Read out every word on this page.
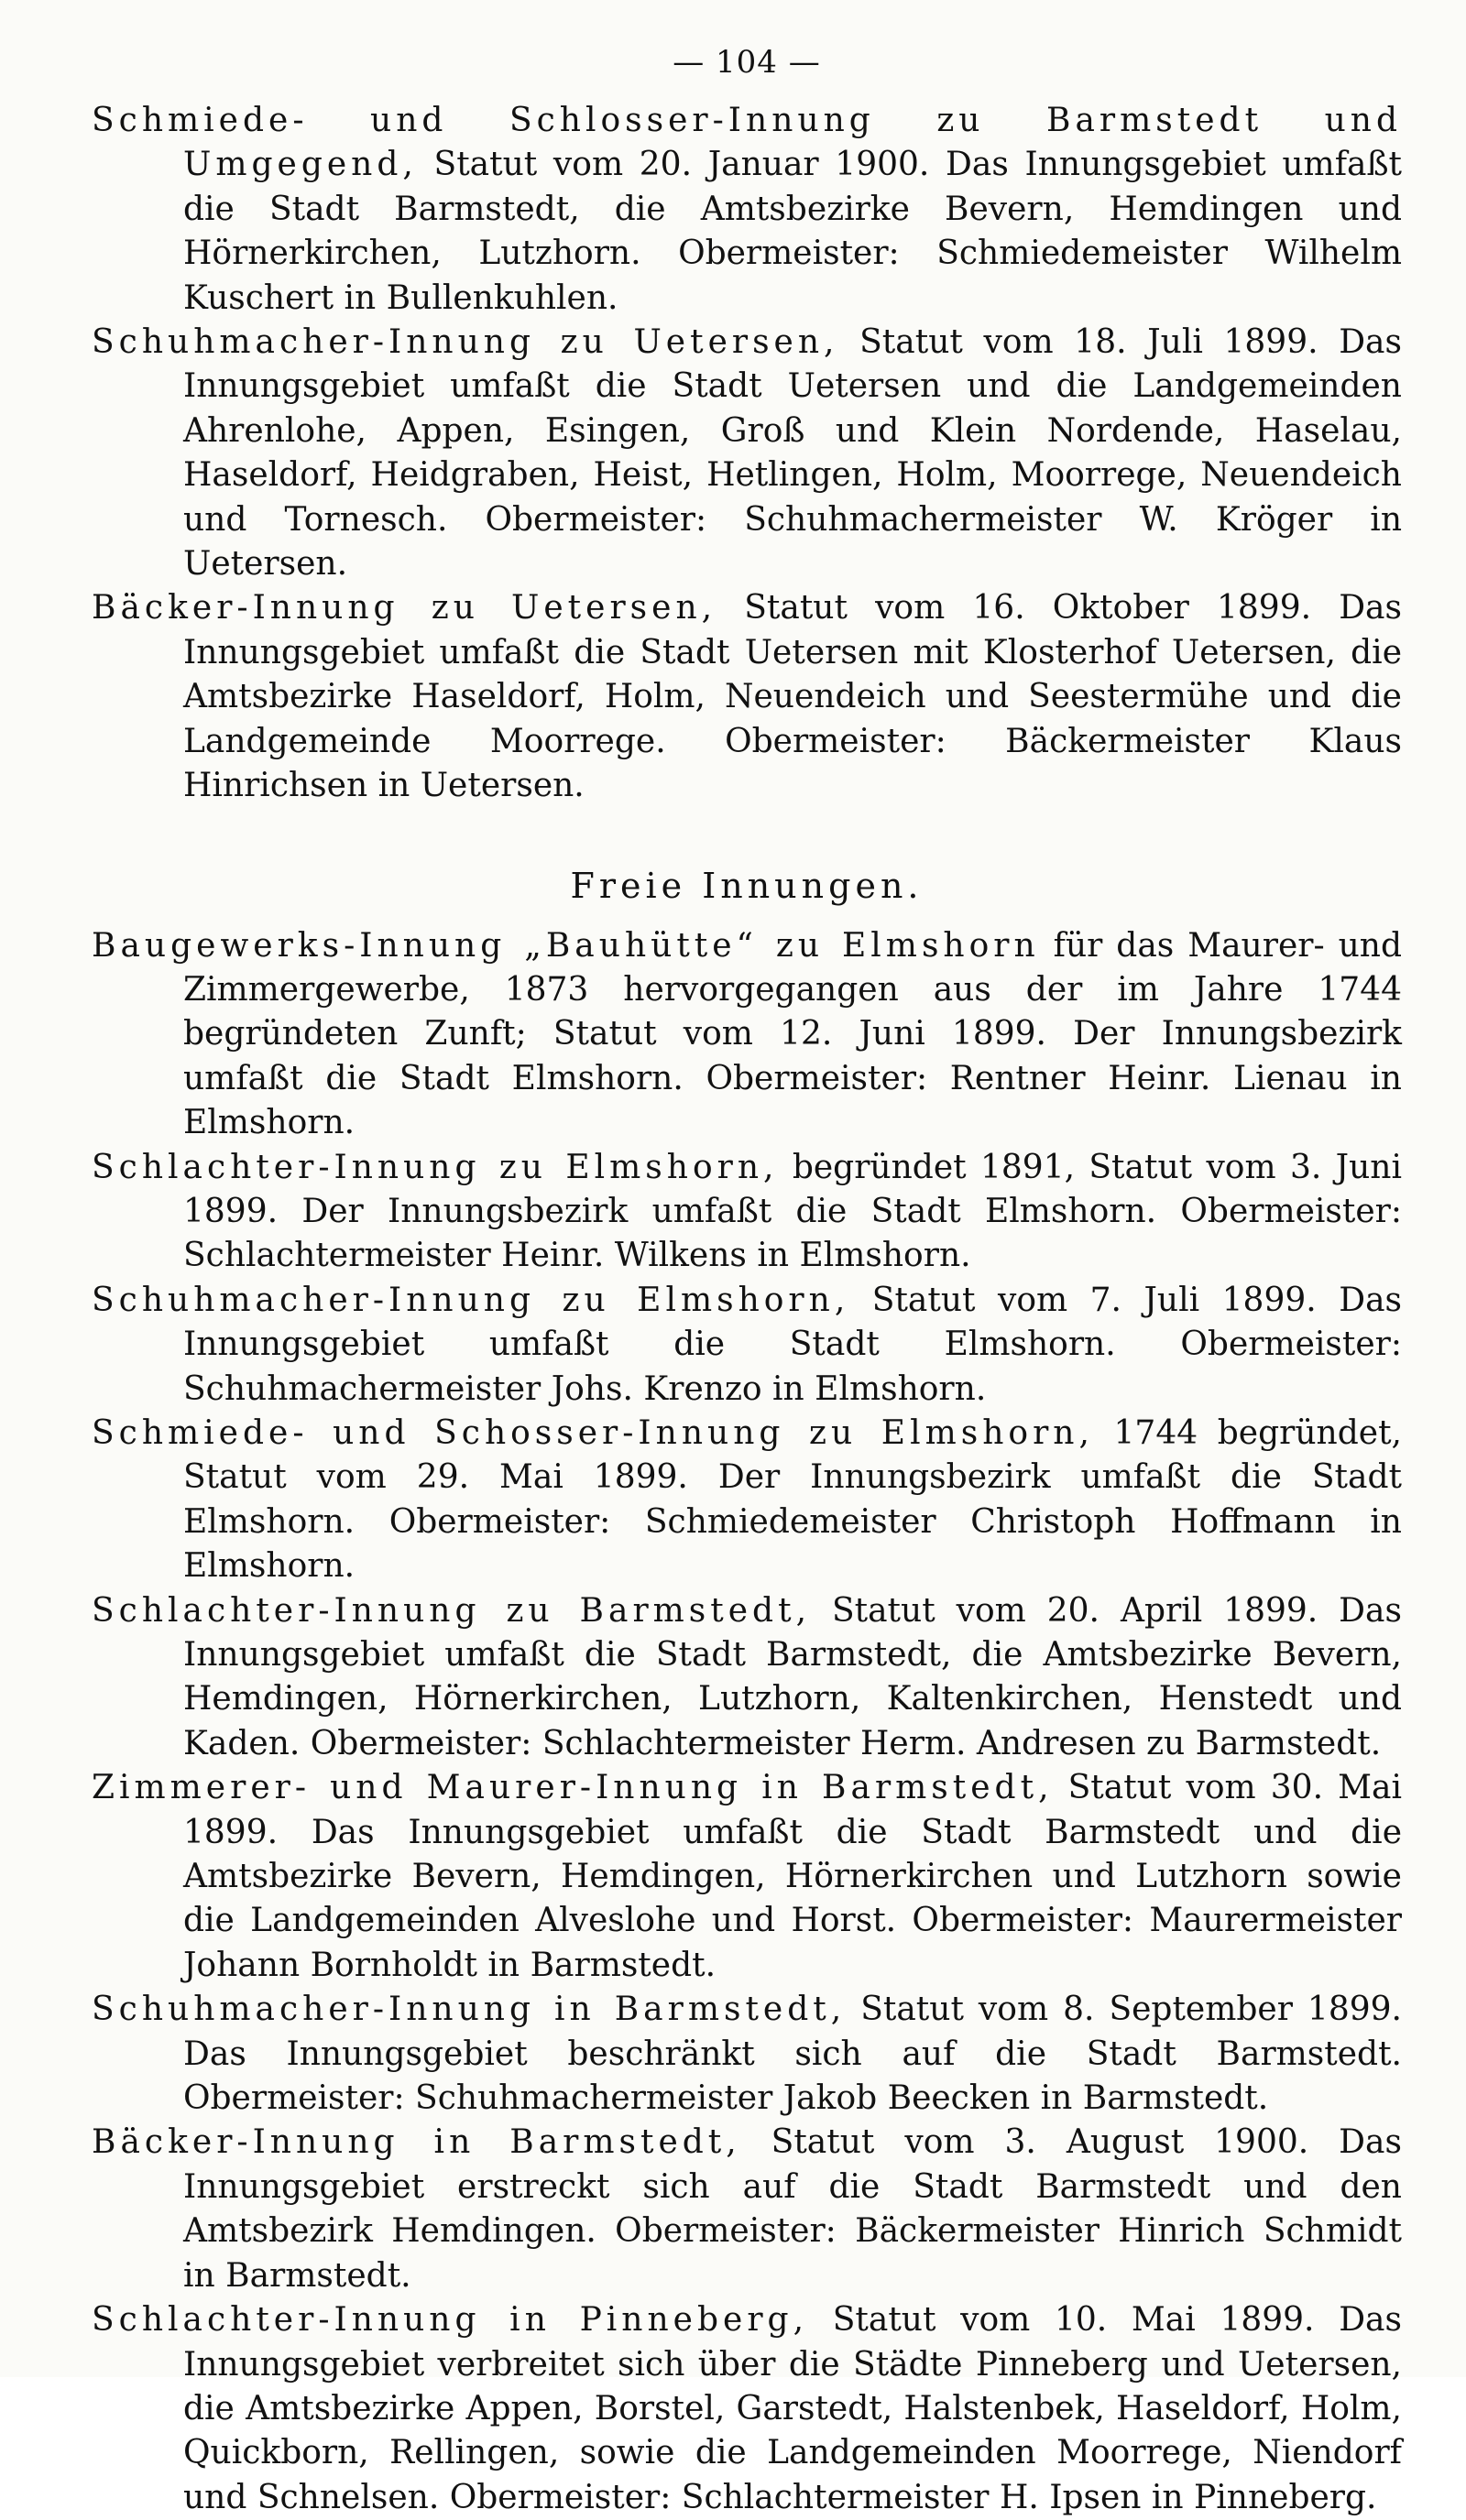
— 104 —

Schmiede- und Schlosser-Innung zu Barmstedt und Umgegend, Statut vom 20. Januar 1900. Das Innungsgebiet umfaßt die Stadt Barmstedt, die Amtsbezirke Bevern, Hemdingen und Hörnerkirchen, Lutzhorn. Obermeister: Schmiedemeister Wilhelm Kuschert in Bullenkuhlen.

Schuhmacher-Innung zu Uetersen, Statut vom 18. Juli 1899. Das Innungsgebiet umfaßt die Stadt Uetersen und die Landgemeinden Ahrenlohe, Appen, Esingen, Groß und Klein Nordende, Haselau, Haseldorf, Heidgraben, Heist, Hetlingen, Holm, Moorrege, Neuendeich und Tornesch. Obermeister: Schuhmachermeister W. Kröger in Uetersen.

Bäcker-Innung zu Uetersen, Statut vom 16. Oktober 1899. Das Innungsgebiet umfaßt die Stadt Uetersen mit Klosterhof Uetersen, die Amtsbezirke Haseldorf, Holm, Neuendeich und Seestermühe und die Landgemeinde Moorrege. Obermeister: Bäckermeister Klaus Hinrichsen in Uetersen.

Freie Innungen.

Baugewerks-Innung „Bauhütte“ zu Elmshorn für das Maurer- und Zimmergewerbe, 1873 hervorgegangen aus der im Jahre 1744 begründeten Zunft; Statut vom 12. Juni 1899. Der Innungsbezirk umfaßt die Stadt Elmshorn. Obermeister: Rentner Heinr. Lienau in Elmshorn.

Schlachter-Innung zu Elmshorn, begründet 1891, Statut vom 3. Juni 1899. Der Innungsbezirk umfaßt die Stadt Elmshorn. Obermeister: Schlachtermeister Heinr. Wilkens in Elmshorn.

Schuhmacher-Innung zu Elmshorn, Statut vom 7. Juli 1899. Das Innungsgebiet umfaßt die Stadt Elmshorn. Obermeister: Schuhmachermeister Johs. Krenzo in Elmshorn.

Schmiede- und Schosser-Innung zu Elmshorn, 1744 begründet, Statut vom 29. Mai 1899. Der Innungsbezirk umfaßt die Stadt Elmshorn. Obermeister: Schmiedemeister Christoph Hoffmann in Elmshorn.

Schlachter-Innung zu Barmstedt, Statut vom 20. April 1899. Das Innungsgebiet umfaßt die Stadt Barmstedt, die Amtsbezirke Bevern, Hemdingen, Hörnerkirchen, Lutzhorn, Kaltenkirchen, Henstedt und Kaden. Obermeister: Schlachtermeister Herm. Andresen zu Barmstedt.

Zimmerer- und Maurer-Innung in Barmstedt, Statut vom 30. Mai 1899. Das Innungsgebiet umfaßt die Stadt Barmstedt und die Amtsbezirke Bevern, Hemdingen, Hörnerkirchen und Lutzhorn sowie die Landgemeinden Alveslohe und Horst. Obermeister: Maurermeister Johann Bornholdt in Barmstedt.

Schuhmacher-Innung in Barmstedt, Statut vom 8. September 1899. Das Innungsgebiet beschränkt sich auf die Stadt Barmstedt. Obermeister: Schuhmachermeister Jakob Beecken in Barmstedt.

Bäcker-Innung in Barmstedt, Statut vom 3. August 1900. Das Innungsgebiet erstreckt sich auf die Stadt Barmstedt und den Amtsbezirk Hemdingen. Obermeister: Bäckermeister Hinrich Schmidt in Barmstedt.

Schlachter-Innung in Pinneberg, Statut vom 10. Mai 1899. Das Innungsgebiet verbreitet sich über die Städte Pinneberg und Uetersen, die Amtsbezirke Appen, Borstel, Garstedt, Halstenbek, Haseldorf, Holm, Quickborn, Rellingen, sowie die Landgemeinden Moorrege, Niendorf und Schnelsen. Obermeister: Schlachtermeister H. Ipsen in Pinneberg.
